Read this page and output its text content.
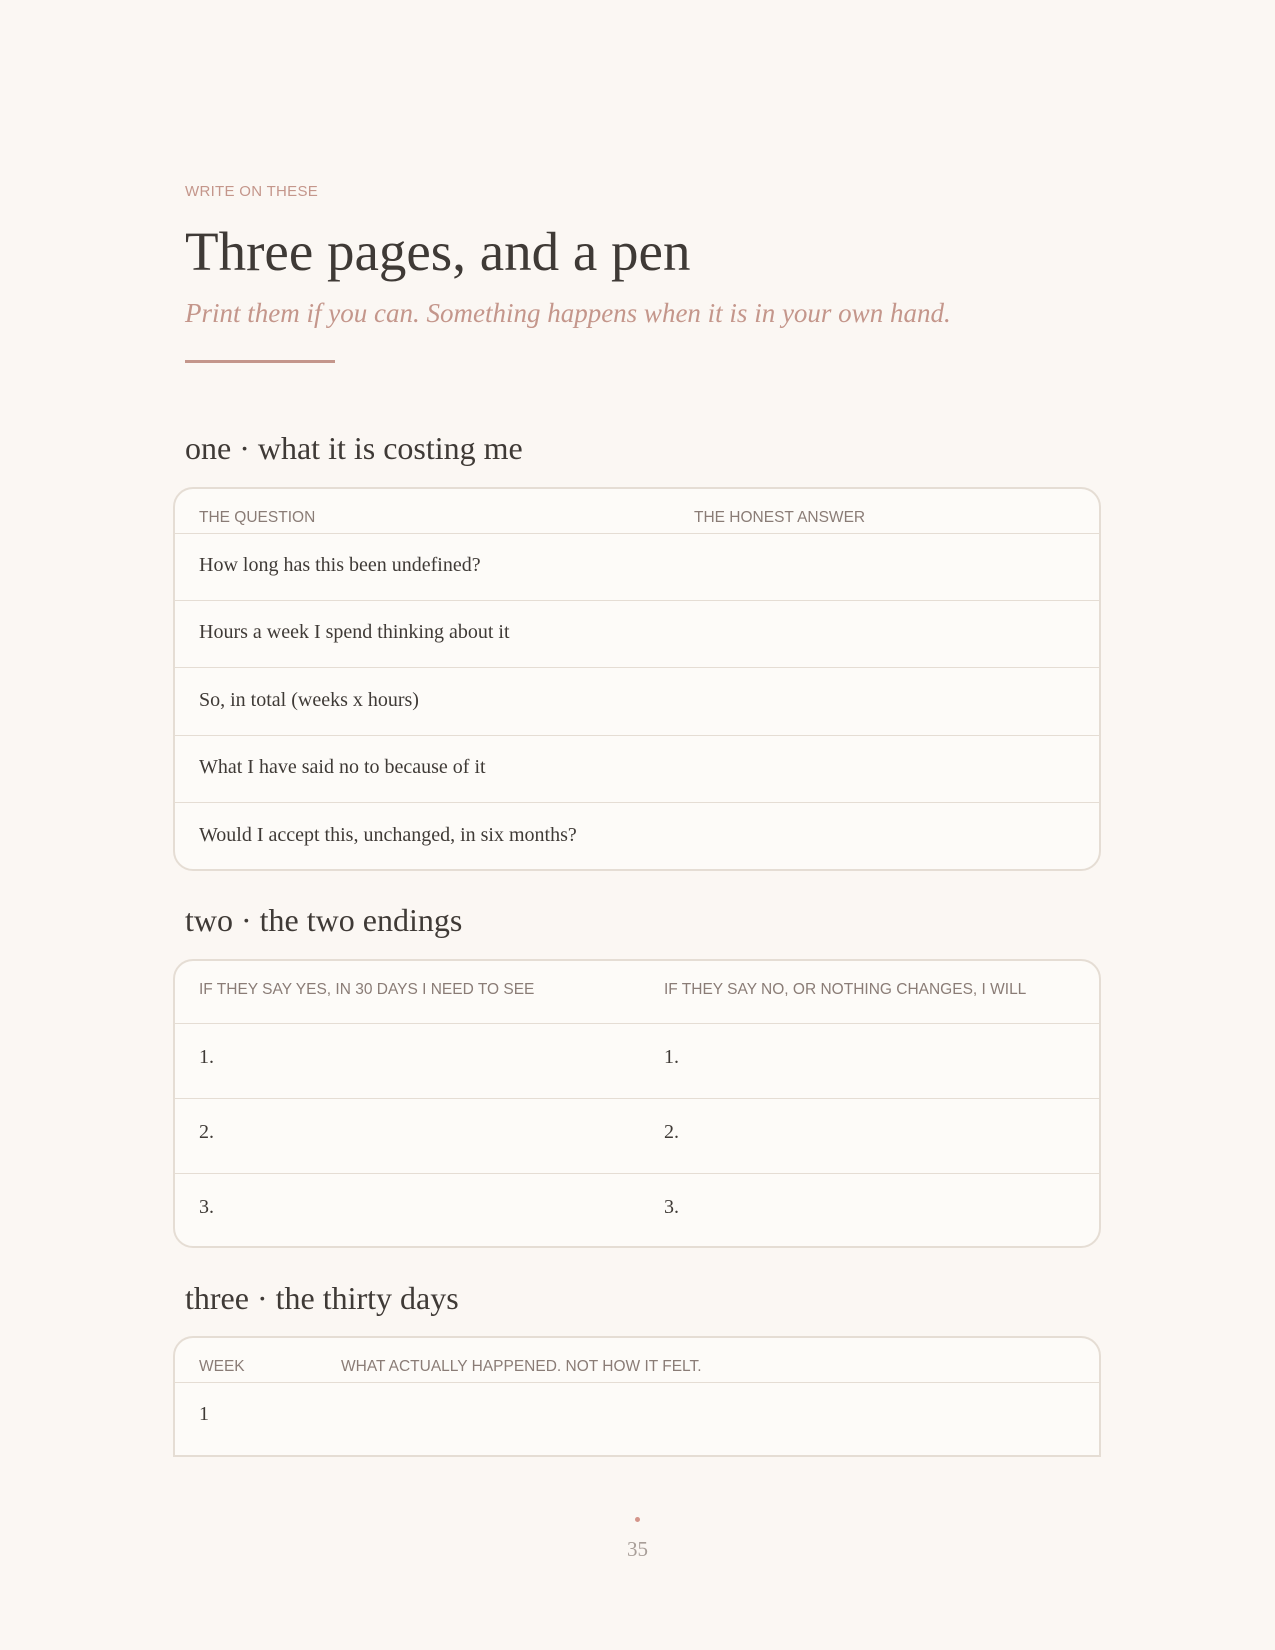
WRITE ON THESE
Three pages, and a pen

Print them if you can. Something happens when it is in your own hand.

one · what it is costing me
THE QUESTION	THE HONEST ANSWER
How long has this been undefined?
Hours a week I spend thinking about it
So, in total (weeks x hours)
What I have said no to because of it
Would I accept this, unchanged, in six months?
two · the two endings
IF THEY SAY YES, IN 30 DAYS I NEED TO SEE	IF THEY SAY NO, OR NOTHING CHANGES, I WILL
1.	1.
2.	2.
3.	3.
three · the thirty days
WEEK	WHAT ACTUALLY HAPPENED. NOT HOW IT FELT.
1
35
